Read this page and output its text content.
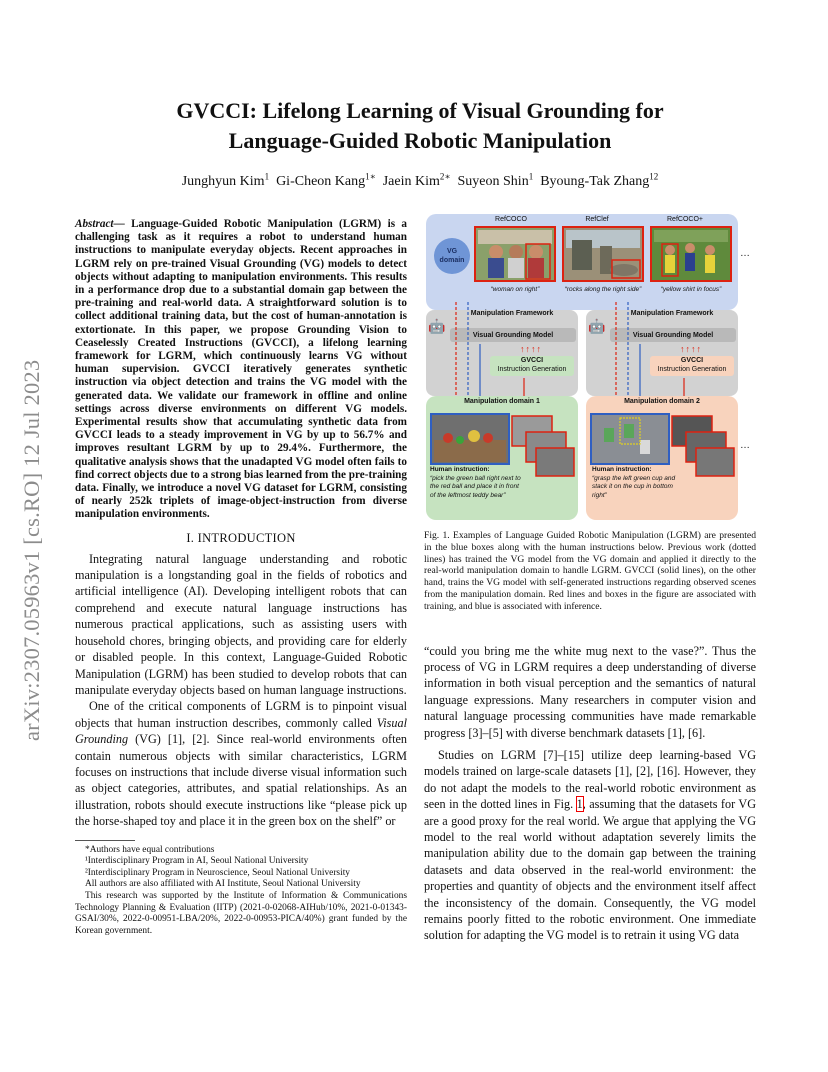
arXiv:2307.05963v1 [cs.RO] 12 Jul 2023
GVCCI: Lifelong Learning of Visual Grounding for
Language-Guided Robotic Manipulation
Junghyun Kim$^1$ Gi-Cheon Kang$^{1∗}$ Jaein Kim$^{2∗}$ Suyeon Shin$^1$ Byoung-Tak Zhang$^{12}$

Abstract— Language-Guided Robotic Manipulation (LGRM) is a challenging task as it requires a robot to understand human instructions to manipulate everyday objects. Recent approaches in LGRM rely on pre-trained Visual Grounding (VG) models to detect objects without adapting to manipulation environments. This results in a performance drop due to a substantial domain gap between the pre-training and real-world data. A straightforward solution is to collect additional training data, but the cost of human-annotation is extortionate. In this paper, we propose Grounding Vision to Ceaselessly Created Instructions (GVCCI), a lifelong learning framework for LGRM, which continuously learns VG without human supervision. GVCCI iteratively generates synthetic instruction via object detection and trains the VG model with the generated data. We validate our framework in offline and online settings across diverse environments on different VG models. Experimental results show that accumulating synthetic data from GVCCI leads to a steady improvement in VG by up to 56.7% and improves resultant LGRM by up to 29.4%. Furthermore, the qualitative analysis shows that the unadapted VG model often fails to find correct objects due to a strong bias learned from the pre-training data. Finally, we introduce a novel VG dataset for LGRM, consisting of nearly 252k triplets of image-object-instruction from diverse manipulation environments.

I. INTRODUCTION

Integrating natural language understanding and robotic manipulation is a longstanding goal in the fields of robotics and artificial intelligence (AI). Developing intelligent robots that can comprehend and execute natural language instructions has numerous practical applications, such as assisting users with household chores, bringing objects, and providing care for elderly or disabled people. In this context, Language-Guided Robotic Manipulation (LGRM) has been studied to develop robots that can manipulate everyday objects based on human language instructions.

One of the critical components of LGRM is to pinpoint visual objects that human instruction describes, commonly called Visual Grounding (VG) [1], [2]. Since real-world environments often contain numerous objects with similar characteristics, LGRM focuses on instructions that include diverse visual information such as object categories, attributes, and spatial relationships. As an illustration, robots should execute instructions like “please pick up the horse-shaped toy and place it in the green box on the shelf” or

*Authors have equal contributions

¹Interdisciplinary Program in AI, Seoul National University

²Interdisciplinary Program in Neuroscience, Seoul National University

All authors are also affiliated with AI Institute, Seoul National University

This research was supported by the Institute of Information & Communications Technology Planning & Evaluation (IITP) (2021-0-02068-AIHub/10%, 2021-0-01343-GSAI/30%, 2022-0-00951-LBA/20%, 2022-0-00953-PICA/40%) grant funded by the Korean government.

VG domain
RefCOCO	RefClef	RefCOCO+
…
“woman on right”	“rocks along the right side”	“yellow shirt in focus”
🤖	🤖
Manipulation Framework	Manipulation Framework
Visual Grounding Model	Visual Grounding Model
↑↑↑↑	↑↑↑↑
GVCCI
Instruction Generation
GVCCI
Instruction Generation
Manipulation domain 1	Manipulation domain 2
…
Human instruction:
“pick the green ball right next to the red ball and place it in front of the leftmost teddy bear”
Human instruction:
“grasp the left green cup and stack it on the cup in bottom right”

Fig. 1. Examples of Language Guided Robotic Manipulation (LGRM) are presented in the blue boxes along with the human instructions below. Previous work (dotted lines) has trained the VG model from the VG domain and applied it directly to the real-world manipulation domain to handle LGRM. GVCCI (solid lines), on the other hand, trains the VG model with self-generated instructions regarding observed scenes from the manipulation domain. Red lines and boxes in the figure are associated with training, and blue is associated with inference.

“could you bring me the white mug next to the vase?”. Thus the process of VG in LGRM requires a deep understanding of diverse information in both visual perception and the semantics of natural language expressions. Many researchers in computer vision and natural language processing communities have made remarkable progress [3]–[5] with diverse benchmark datasets [1], [6].

Studies on LGRM [7]–[15] utilize deep learning-based VG models trained on large-scale datasets [1], [2], [16]. However, they do not adapt the models to the real-world robotic environment as seen in the dotted lines in Fig. 1, assuming that the datasets for VG are a good proxy for the real world. We argue that applying the VG model to the real world without adaptation severely limits the manipulation ability due to the domain gap between the training datasets and data observed in the real-world environment: the properties and quantity of objects and the environment itself affect the inconsistency of the domain. Consequently, the VG model remains poorly fitted to the robotic environment. One immediate solution for adapting the VG model is to retrain it using VG data
